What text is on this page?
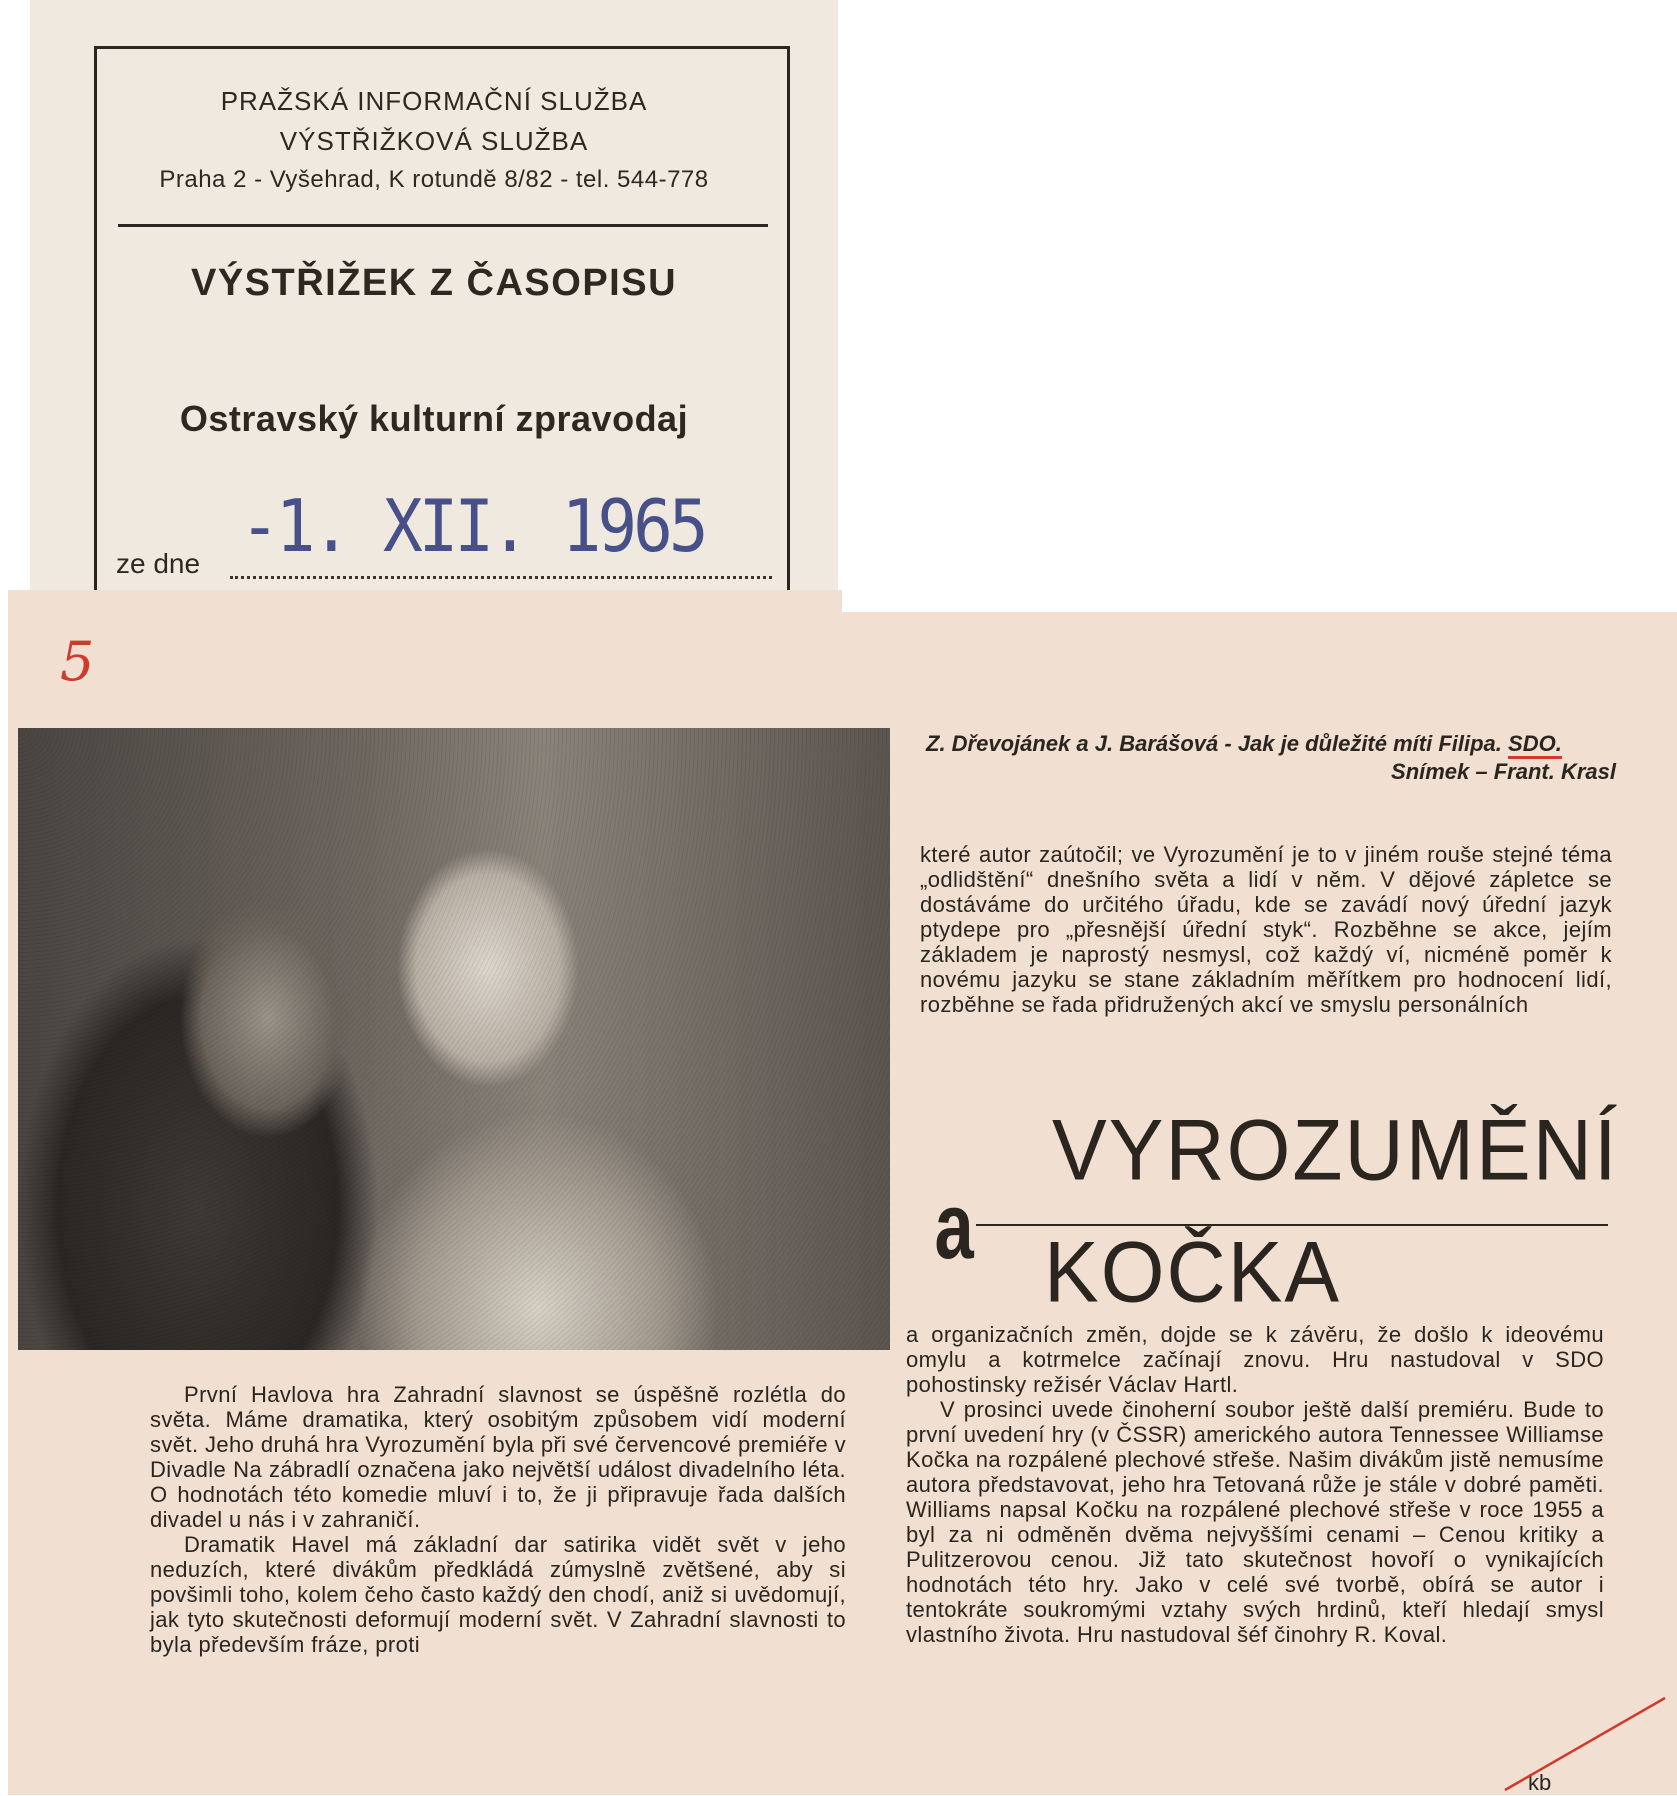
PRAŽSKÁ INFORMAČNÍ SLUŽBA
VÝSTŘIŽKOVÁ SLUŽBA
Praha 2 - Vyšehrad, K rotundě 8/82 - tel. 544-778
VÝSTŘIŽEK Z ČASOPISU
Ostravský kulturní zpravodaj
-1. XII. 1965
ze dne
5
Z. Dřevojánek a J. Barášová - Jak je důležité míti Filipa. SDO.
Snímek – Frant. Krasl

které autor zaútočil; ve Vyrozumění je to v jiném rouše stejné téma „odlidštění“ dnešního světa a lidí v něm. V dějové zápletce se dostáváme do určitého úřadu, kde se zavádí nový úřední jazyk ptydepe pro „přesnější úřední styk“. Rozběhne se akce, jejím základem je naprostý nesmysl, což každý ví, nicméně poměr k novému jazyku se stane základním měřítkem pro hodnocení lidí, rozběhne se řada přidružených akcí ve smyslu personálních

VYROZUMĚNÍ
a KOČKA

a organizačních změn, dojde se k závěru, že došlo k ideovému omylu a kotrmelce začínají znovu. Hru nastudoval v SDO pohostinsky režisér Václav Hartl.

V prosinci uvede činoherní soubor ještě další premiéru. Bude to první uvedení hry (v ČSSR) amerického autora Tennessee Williamse Kočka na rozpálené plechové střeše. Našim divákům jistě nemusíme autora představovat, jeho hra Tetovaná růže je stále v dobré paměti. Williams napsal Kočku na rozpálené plechové střeše v roce 1955 a byl za ni odměněn dvěma nejvyššími cenami – Cenou kritiky a Pulitzerovou cenou. Již tato skutečnost hovoří o vynikajících hodnotách této hry. Jako v celé své tvorbě, obírá se autor i tentokráte soukromými vztahy svých hrdinů, kteří hledají smysl vlastního života. Hru nastudoval šéf činohry R. Koval.

První Havlova hra Zahradní slavnost se úspěšně rozlétla do světa. Máme dramatika, který osobitým způsobem vidí moderní svět. Jeho druhá hra Vyrozumění byla při své červencové premiéře v Divadle Na zábradlí označena jako největší událost divadelního léta. O hodnotách této komedie mluví i to, že ji připravuje řada dalších divadel u nás i v zahraničí.

Dramatik Havel má základní dar satirika vidět svět v jeho neduzích, které divákům předkládá zúmyslně zvětšené, aby si povšimli toho, kolem čeho často každý den chodí, aniž si uvědomují, jak tyto skutečnosti deformují moderní svět. V Zahradní slavnosti to byla především fráze, proti

kb
